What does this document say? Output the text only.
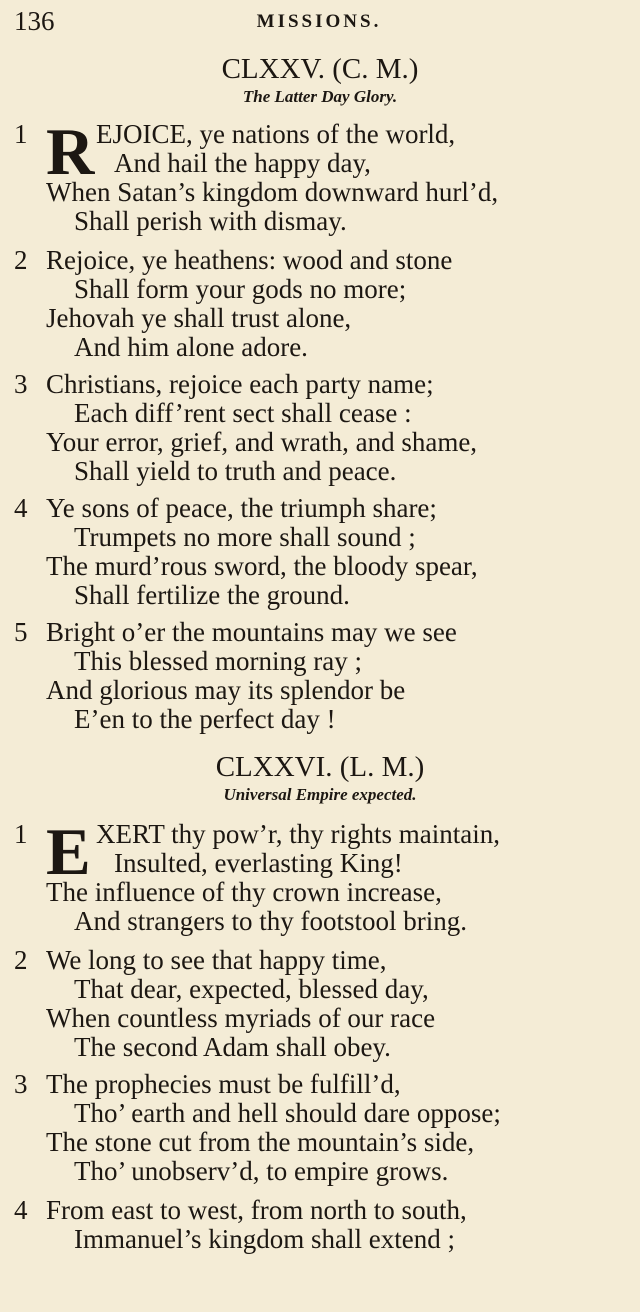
136	MISSIONS.
CLXXV. (C. M.)
The Latter Day Glory.
1 R EJOICE, ye nations of the world,
And hail the happy day,
When Satan’s kingdom downward hurl’d,
Shall perish with dismay.
2 Rejoice, ye heathens: wood and stone
Shall form your gods no more;
Jehovah ye shall trust alone,
And him alone adore.
3 Christians, rejoice each party name;
Each diff’rent sect shall cease :
Your error, grief, and wrath, and shame,
Shall yield to truth and peace.
4 Ye sons of peace, the triumph share;
Trumpets no more shall sound ;
The murd’rous sword, the bloody spear,
Shall fertilize the ground.
5 Bright o’er the mountains may we see
This blessed morning ray ;
And glorious may its splendor be
E’en to the perfect day !
CLXXVI. (L. M.)
Universal Empire expected.
1 E XERT thy pow’r, thy rights maintain,
Insulted, everlasting King!
The influence of thy crown increase,
And strangers to thy footstool bring.
2 We long to see that happy time,
That dear, expected, blessed day,
When countless myriads of our race
The second Adam shall obey.
3 The prophecies must be fulfill’d,
Tho’ earth and hell should dare oppose;
The stone cut from the mountain’s side,
Tho’ unobserv’d, to empire grows.
4 From east to west, from north to south,
Immanuel’s kingdom shall extend ;
